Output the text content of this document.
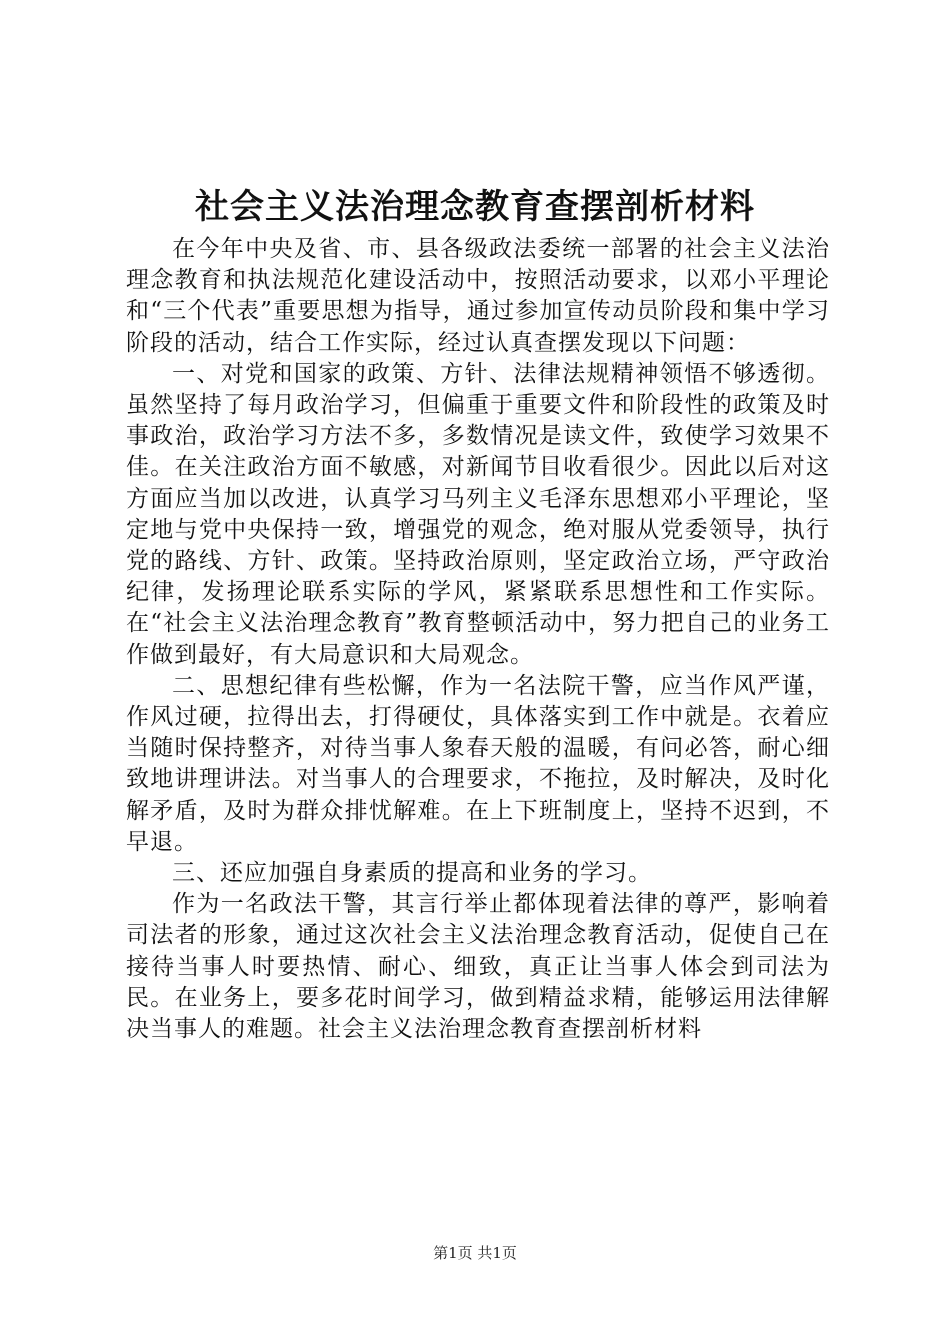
社会主义法治理念教育查摆剖析材料

在今年中央及省、市、县各级政法委统一部署的社会主义法治理念教育和执法规范化建设活动中，按照活动要求，以邓小平理论和“三个代表”重要思想为指导，通过参加宣传动员阶段和集中学习阶段的活动，结合工作实际，经过认真查摆发现以下问题：

一、对党和国家的政策、方针、法律法规精神领悟不够透彻。虽然坚持了每月政治学习，但偏重于重要文件和阶段性的政策及时事政治，政治学习方法不多，多数情况是读文件，致使学习效果不佳。在关注政治方面不敏感，对新闻节目收看很少。因此以后对这方面应当加以改进，认真学习马列主义毛泽东思想邓小平理论，坚定地与党中央保持一致，增强党的观念，绝对服从党委领导，执行党的路线、方针、政策。坚持政治原则，坚定政治立场，严守政治纪律，发扬理论联系实际的学风，紧紧联系思想性和工作实际。在“社会主义法治理念教育”教育整顿活动中，努力把自己的业务工作做到最好，有大局意识和大局观念。

二、思想纪律有些松懈，作为一名法院干警，应当作风严谨，作风过硬，拉得出去，打得硬仗，具体落实到工作中就是。衣着应当随时保持整齐，对待当事人象春天般的温暖，有问必答，耐心细致地讲理讲法。对当事人的合理要求，不拖拉，及时解决，及时化解矛盾，及时为群众排忧解难。在上下班制度上，坚持不迟到，不早退。

三、还应加强自身素质的提高和业务的学习。

作为一名政法干警，其言行举止都体现着法律的尊严，影响着司法者的形象，通过这次社会主义法治理念教育活动，促使自己在接待当事人时要热情、耐心、细致，真正让当事人体会到司法为民。在业务上，要多花时间学习，做到精益求精，能够运用法律解决当事人的难题。社会主义法治理念教育查摆剖析材料

第1页 共1页
